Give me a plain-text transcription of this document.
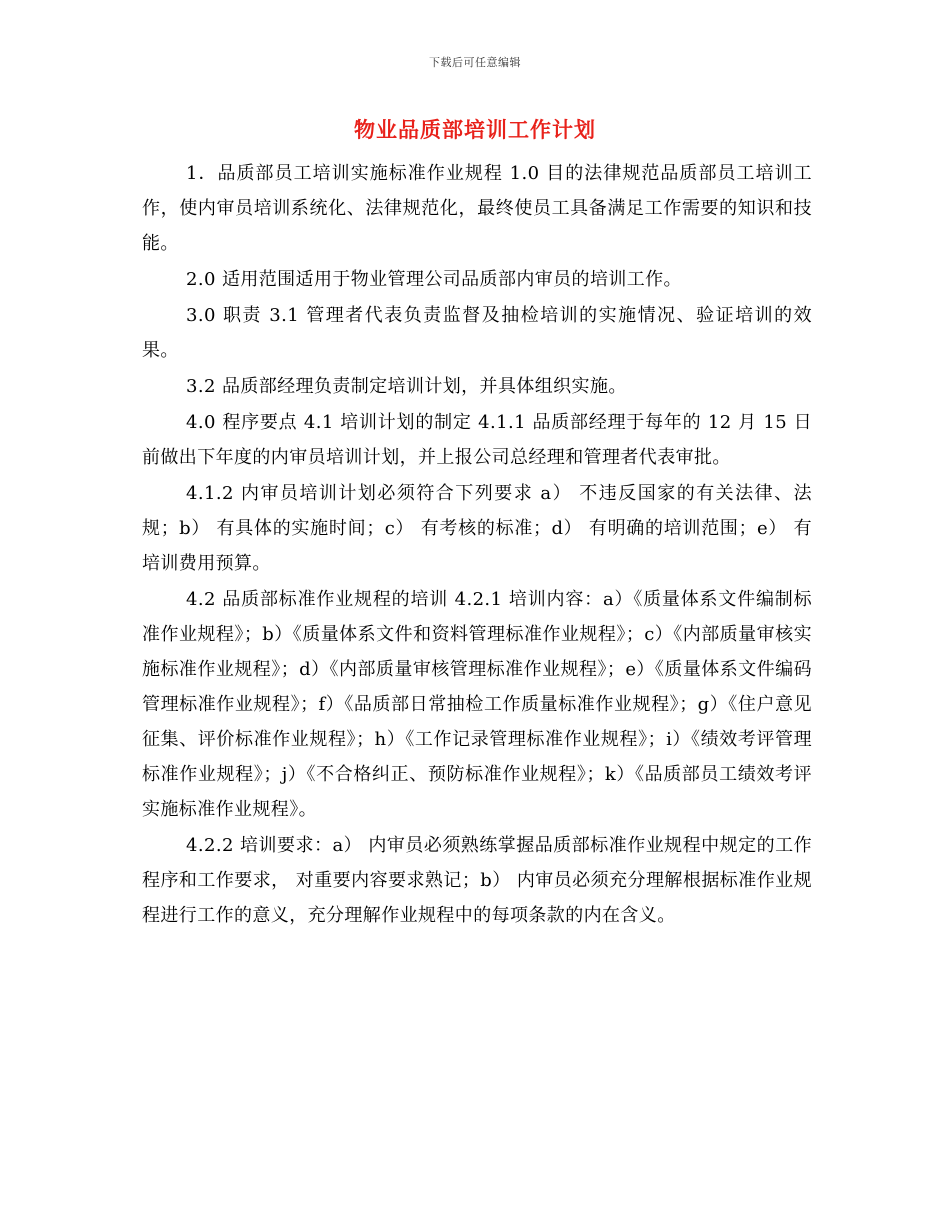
下载后可任意编辑
物业品质部培训工作计划

1．品质部员工培训实施标准作业规程 1.0 目的法律规范品质部员工培训工作，使内审员培训系统化、法律规范化，最终使员工具备满足工作需要的知识和技能。

2.0 适用范围适用于物业管理公司品质部内审员的培训工作。

3.0 职责 3.1 管理者代表负责监督及抽检培训的实施情况、验证培训的效果。

3.2 品质部经理负责制定培训计划，并具体组织实施。

4.0 程序要点 4.1 培训计划的制定 4.1.1 品质部经理于每年的 12 月 15 日前做出下年度的内审员培训计划，并上报公司总经理和管理者代表审批。

4.1.2 内审员培训计划必须符合下列要求 a） 不违反国家的有关法律、法规；b） 有具体的实施时间；c） 有考核的标准；d） 有明确的培训范围；e） 有培训费用预算。

4.2 品质部标准作业规程的培训 4.2.1 培训内容：a）《质量体系文件编制标准作业规程》；b）《质量体系文件和资料管理标准作业规程》；c）《内部质量审核实施标准作业规程》；d）《内部质量审核管理标准作业规程》；e）《质量体系文件编码管理标准作业规程》；f）《品质部日常抽检工作质量标准作业规程》；g）《住户意见征集、评价标准作业规程》；h）《工作记录管理标准作业规程》；i）《绩效考评管理标准作业规程》；j）《不合格纠正、预防标准作业规程》；k）《品质部员工绩效考评实施标准作业规程》。

4.2.2 培训要求：a） 内审员必须熟练掌握品质部标准作业规程中规定的工作程序和工作要求， 对重要内容要求熟记；b） 内审员必须充分理解根据标准作业规程进行工作的意义，充分理解作业规程中的每项条款的内在含义。
